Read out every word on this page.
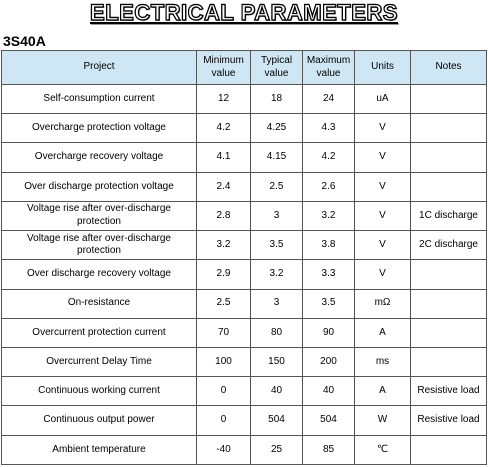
ELECTRICAL PARAMETERS
3S40A
Project	Minimum value	Typical value	Maximum value	Units	Notes
Self-consumption current	12	18	24	uA	
Overcharge protection voltage	4.2	4.25	4.3	V	
Overcharge recovery voltage	4.1	4.15	4.2	V	
Over discharge protection voltage	2.4	2.5	2.6	V	
Voltage rise after over-discharge protection	2.8	3	3.2	V	1C discharge
Voltage rise after over-discharge protection	3.2	3.5	3.8	V	2C discharge
Over discharge recovery voltage	2.9	3.2	3.3	V	
On-resistance	2.5	3	3.5	mΩ	
Overcurrent protection current	70	80	90	A	
Overcurrent Delay Time	100	150	200	ms	
Continuous working current	0	40	40	A	Resistive load
Continuous output power	0	504	504	W	Resistive load
Ambient temperature	-40	25	85	℃	
